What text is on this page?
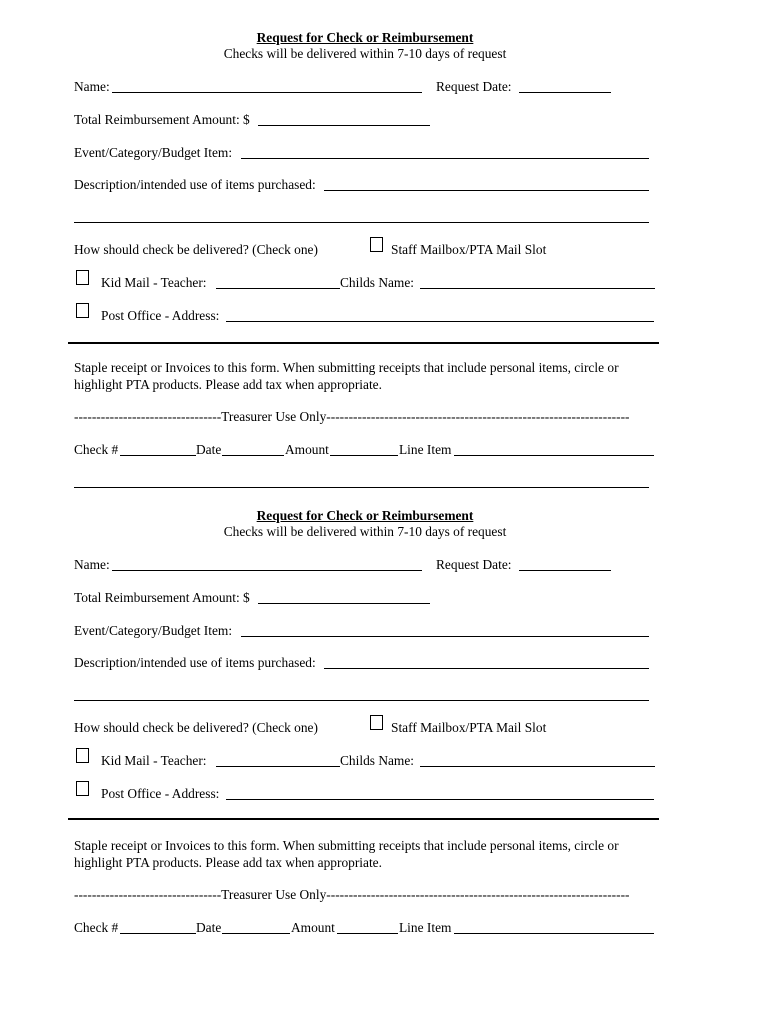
Request for Check or Reimbursement
Checks will be delivered within 7-10 days of request
Name:	Request Date:
Total Reimbursement Amount: $
Event/Category/Budget Item:
Description/intended use of items purchased:
How should check be delivered? (Check one)	Staff Mailbox/PTA Mail Slot
Kid Mail - Teacher:	Childs Name:
Post Office - Address:
Staple receipt or Invoices to this form. When submitting receipts that include personal items, circle or
highlight PTA products. Please add tax when appropriate.
---------------------------------Treasurer Use Only--------------------------------------------------------------------
Check #	Date	Amount	Line Item
Request for Check or Reimbursement
Checks will be delivered within 7-10 days of request
Name:	Request Date:
Total Reimbursement Amount: $
Event/Category/Budget Item:
Description/intended use of items purchased:
How should check be delivered? (Check one)	Staff Mailbox/PTA Mail Slot
Kid Mail - Teacher:	Childs Name:
Post Office - Address:
Staple receipt or Invoices to this form. When submitting receipts that include personal items, circle or
highlight PTA products. Please add tax when appropriate.
---------------------------------Treasurer Use Only--------------------------------------------------------------------
Check #	Date	Amount	Line Item
